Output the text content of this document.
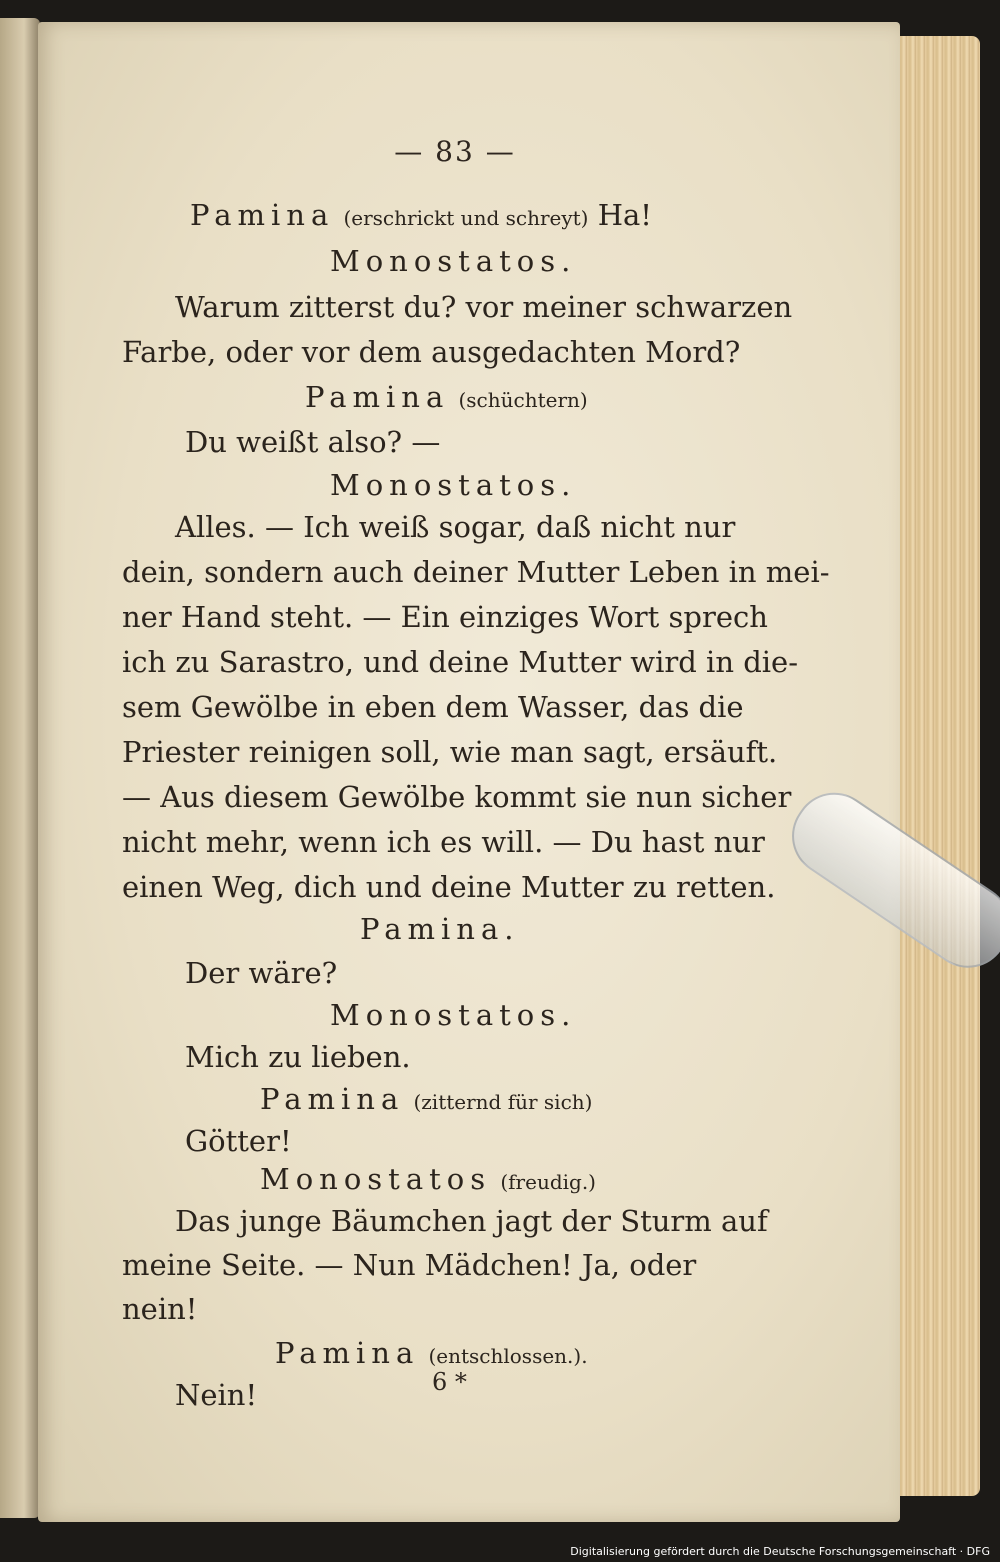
— 83 —
Pamina (erschrickt und schreyt) Ha!
Monostatos.
Warum zitterst du? vor meiner schwarzen
Farbe, oder vor dem ausgedachten Mord?
Pamina (schüchtern)
Du weißt also? —
Monostatos.
Alles. — Ich weiß sogar, daß nicht nur
dein, sondern auch deiner Mutter Leben in mei-
ner Hand steht. — Ein einziges Wort sprech
ich zu Sarastro, und deine Mutter wird in die-
sem Gewölbe in eben dem Wasser, das die
Priester reinigen soll, wie man sagt, ersäuft.
— Aus diesem Gewölbe kommt sie nun sicher
nicht mehr, wenn ich es will. — Du hast nur
einen Weg, dich und deine Mutter zu retten.
Pamina.
Der wäre?
Monostatos.
Mich zu lieben.
Pamina (zitternd für sich)
Götter!
Monostatos (freudig.)
Das junge Bäumchen jagt der Sturm auf
meine Seite. — Nun Mädchen! Ja, oder
nein!
Pamina (entschlossen.).
Nein!	6 *
Digitalisierung gefördert durch die Deutsche Forschungsgemeinschaft · DFG
